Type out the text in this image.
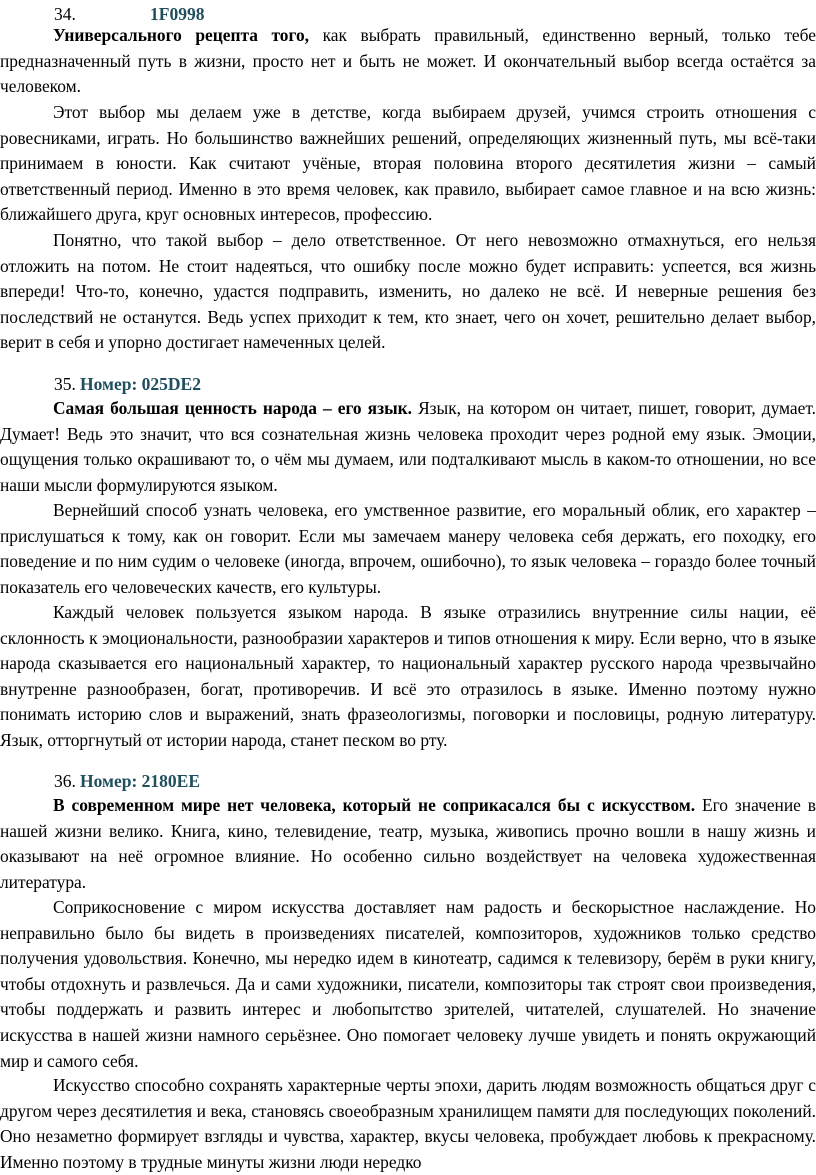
34.	1F0998

Универсального рецепта того, как выбрать правильный, единственно верный, только тебе предназначенный путь в жизни, просто нет и быть не может. И окончательный выбор всегда остаётся за человеком.

Этот выбор мы делаем уже в детстве, когда выбираем друзей, учимся строить отношения с ровесниками, играть. Но большинство важнейших решений, определяющих жизненный путь, мы всё-таки принимаем в юности. Как считают учёные, вторая половина второго десятилетия жизни – самый ответственный период. Именно в это время человек, как правило, выбирает самое главное и на всю жизнь: ближайшего друга, круг основных интересов, профессию.

Понятно, что такой выбор – дело ответственное. От него невозможно отмахнуться, его нельзя отложить на потом. Не стоит надеяться, что ошибку после можно будет исправить: успеется, вся жизнь впереди! Что-то, конечно, удастся подправить, изменить, но далеко не всё. И неверные решения без последствий не останутся. Ведь успех приходит к тем, кто знает, чего он хочет, решительно делает выбор, верит в себя и упорно достигает намеченных целей.

35. Номер: 025DE2

Самая большая ценность народа – его язык. Язык, на котором он читает, пишет, говорит, думает. Думает! Ведь это значит, что вся сознательная жизнь человека проходит через родной ему язык. Эмоции, ощущения только окрашивают то, о чём мы думаем, или подталкивают мысль в каком-то отношении, но все наши мысли формулируются языком.

Вернейший способ узнать человека, его умственное развитие, его моральный облик, его характер – прислушаться к тому, как он говорит. Если мы замечаем манеру человека себя держать, его походку, его поведение и по ним судим о человеке (иногда, впрочем, ошибочно), то язык человека – гораздо более точный показатель его человеческих качеств, его культуры.

Каждый человек пользуется языком народа. В языке отразились внутренние силы нации, её склонность к эмоциональности, разнообразии характеров и типов отношения к миру. Если верно, что в языке народа сказывается его национальный характер, то национальный характер русского народа чрезвычайно внутренне разнообразен, богат, противоречив. И всё это отразилось в языке. Именно поэтому нужно понимать историю слов и выражений, знать фразеологизмы, поговорки и пословицы, родную литературу. Язык, отторгнутый от истории народа, станет песком во рту.

36. Номер: 2180EE

В современном мире нет человека, который не соприкасался бы с искусством. Его значение в нашей жизни велико. Книга, кино, телевидение, театр, музыка, живопись прочно вошли в нашу жизнь и оказывают на неё огромное влияние. Но особенно сильно воздействует на человека художественная литература.

Соприкосновение с миром искусства доставляет нам радость и бескорыстное наслаждение. Но неправильно было бы видеть в произведениях писателей, композиторов, художников только средство получения удовольствия. Конечно, мы нередко идем в кинотеатр, садимся к телевизору, берём в руки книгу, чтобы отдохнуть и развлечься. Да и сами художники, писатели, композиторы так строят свои произведения, чтобы поддержать и развить интерес и любопытство зрителей, читателей, слушателей. Но значение искусства в нашей жизни намного серьёзнее. Оно помогает человеку лучше увидеть и понять окружающий мир и самого себя.

Искусство способно сохранять характерные черты эпохи, дарить людям возможность общаться друг с другом через десятилетия и века, становясь своеобразным хранилищем памяти для последующих поколений. Оно незаметно формирует взгляды и чувства, характер, вкусы человека, пробуждает любовь к прекрасному. Именно поэтому в трудные минуты жизни люди нередко
